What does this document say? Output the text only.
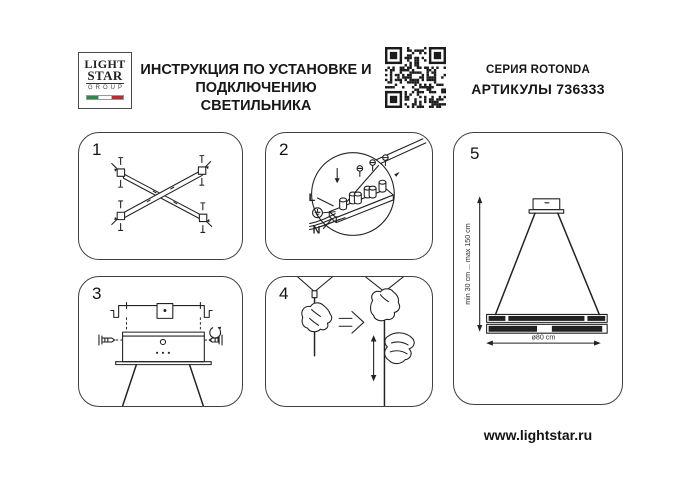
LIGHT
STAR
GROUP
ИНСТРУКЦИЯ ПО УСТАНОВКЕ И
ПОДКЛЮЧЕНИЮ СВЕТИЛЬНИКА
СЕРИЯ ROTONDA
АРТИКУЛЫ 736333
1	2
L
N
3	4
5
min 30 cm ... max 150 cm
ø80 cm
www.lightstar.ru
